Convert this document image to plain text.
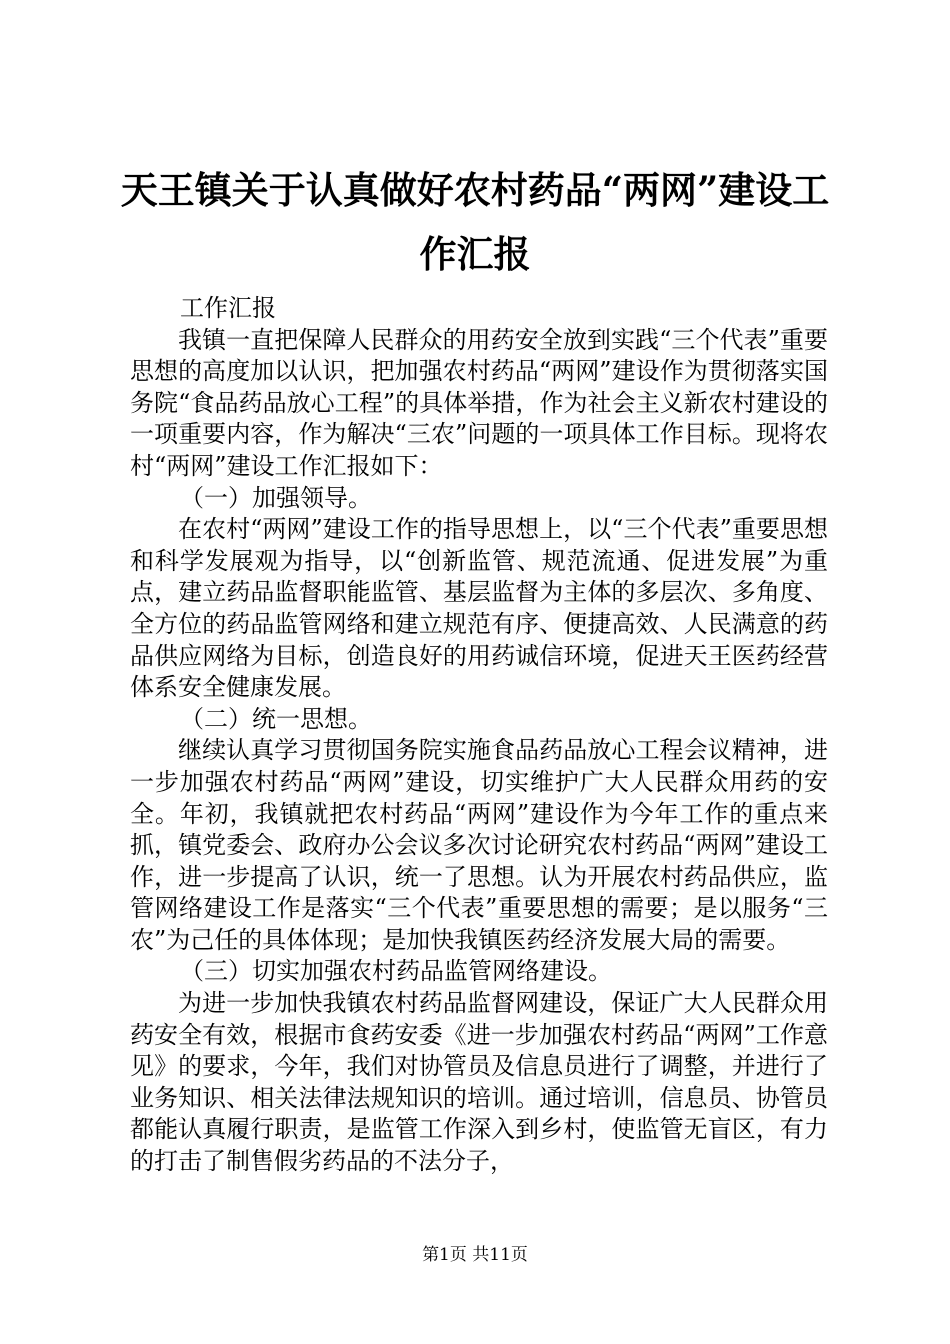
天王镇关于认真做好农村药品“两网”建设工作汇报

工作汇报

我镇一直把保障人民群众的用药安全放到实践“三个代表”重要思想的高度加以认识，把加强农村药品“两网”建设作为贯彻落实国务院“食品药品放心工程”的具体举措，作为社会主义新农村建设的一项重要内容，作为解决“三农”问题的一项具体工作目标。现将农村“两网”建设工作汇报如下：

（一）加强领导。

在农村“两网”建设工作的指导思想上，以“三个代表”重要思想和科学发展观为指导，以“创新监管、规范流通、促进发展”为重点，建立药品监督职能监管、基层监督为主体的多层次、多角度、全方位的药品监管网络和建立规范有序、便捷高效、人民满意的药品供应网络为目标，创造良好的用药诚信环境，促进天王医药经营体系安全健康发展。

（二）统一思想。

继续认真学习贯彻国务院实施食品药品放心工程会议精神，进一步加强农村药品“两网”建设，切实维护广大人民群众用药的安全。年初，我镇就把农村药品“两网”建设作为今年工作的重点来抓，镇党委会、政府办公会议多次讨论研究农村药品“两网”建设工作，进一步提高了认识，统一了思想。认为开展农村药品供应，监管网络建设工作是落实“三个代表”重要思想的需要；是以服务“三农”为己任的具体体现；是加快我镇医药经济发展大局的需要。

（三）切实加强农村药品监管网络建设。

为进一步加快我镇农村药品监督网建设，保证广大人民群众用药安全有效，根据市食药安委《进一步加强农村药品“两网”工作意见》的要求，今年，我们对协管员及信息员进行了调整，并进行了业务知识、相关法律法规知识的培训。通过培训，信息员、协管员都能认真履行职责，是监管工作深入到乡村，使监管无盲区，有力的打击了制售假劣药品的不法分子，

第1页 共11页
